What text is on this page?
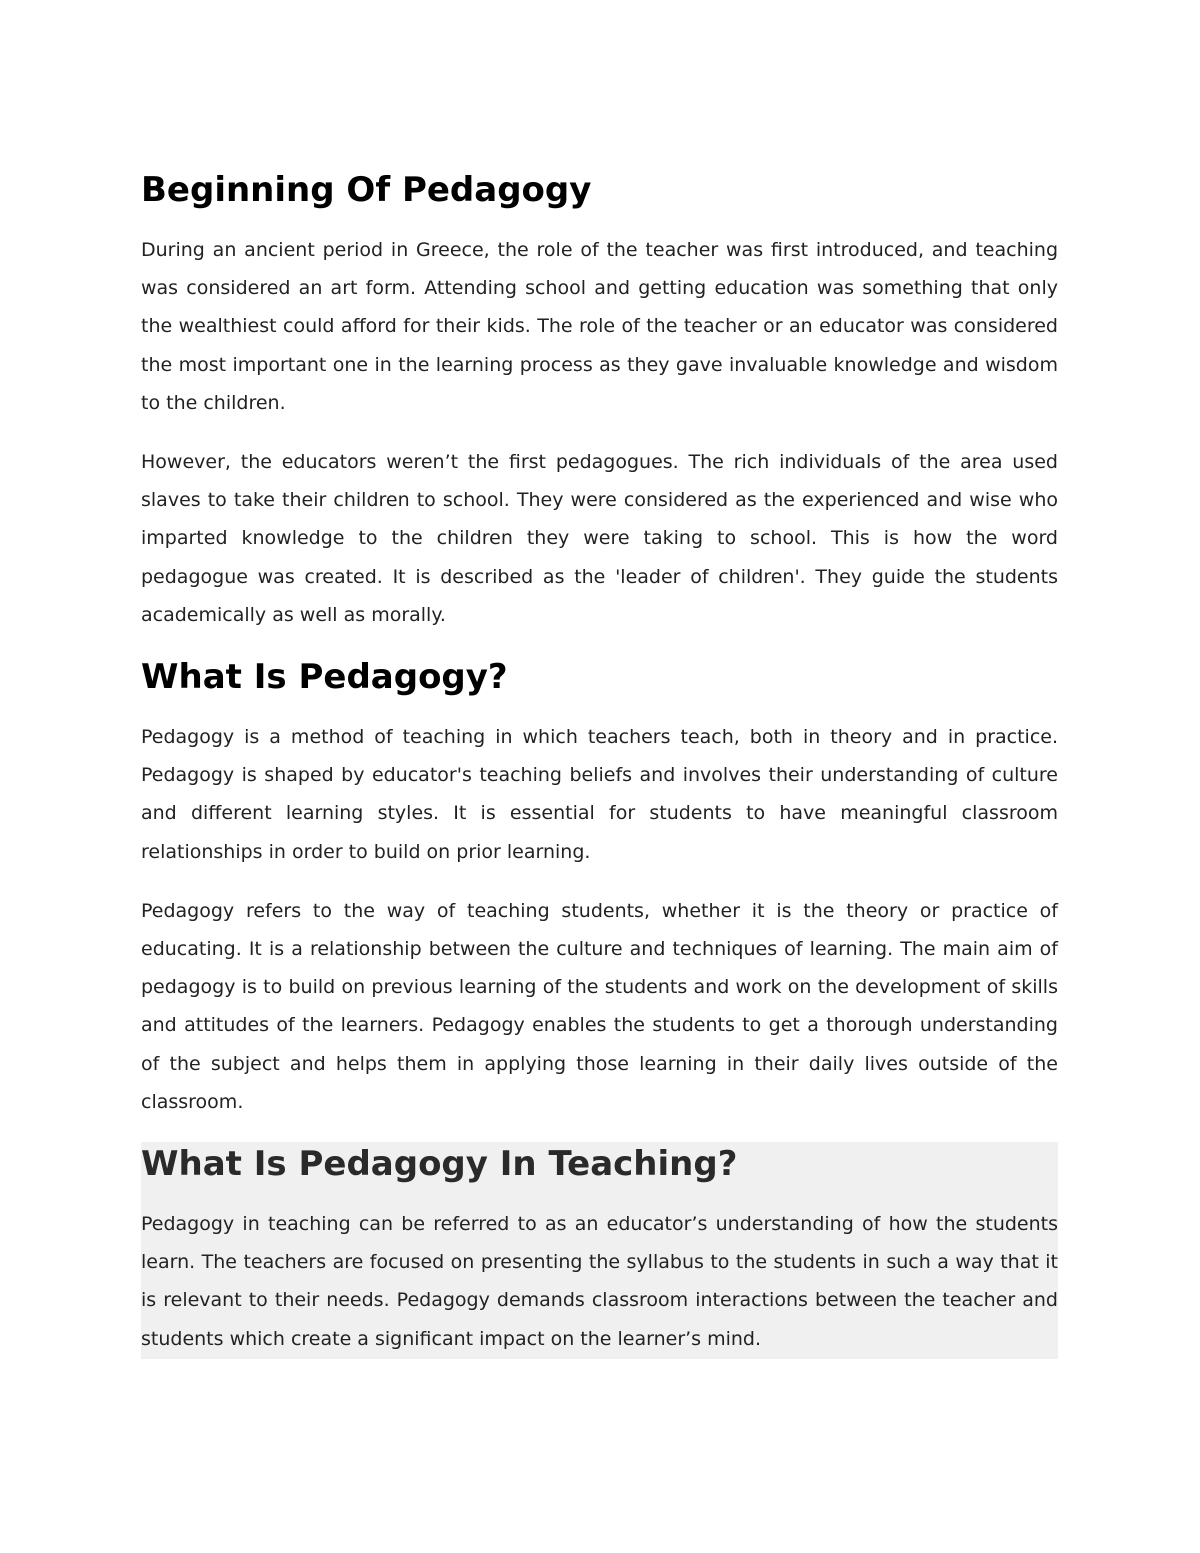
Beginning Of Pedagogy

During an ancient period in Greece, the role of the teacher was first introduced, and teaching was considered an art form. Attending school and getting education was something that only the wealthiest could afford for their kids. The role of the teacher or an educator was considered the most important one in the learning process as they gave invaluable knowledge and wisdom to the children.

However, the educators weren’t the first pedagogues. The rich individuals of the area used slaves to take their children to school. They were considered as the experienced and wise who imparted knowledge to the children they were taking to school. This is how the word pedagogue was created. It is described as the 'leader of children'. They guide the students academically as well as morally.

What Is Pedagogy?

Pedagogy is a method of teaching in which teachers teach, both in theory and in practice. Pedagogy is shaped by educator's teaching beliefs and involves their understanding of culture and different learning styles. It is essential for students to have meaningful classroom relationships in order to build on prior learning.

Pedagogy refers to the way of teaching students, whether it is the theory or practice of educating. It is a relationship between the culture and techniques of learning. The main aim of pedagogy is to build on previous learning of the students and work on the development of skills and attitudes of the learners. Pedagogy enables the students to get a thorough understanding of the subject and helps them in applying those learning in their daily lives outside of the classroom.

What Is Pedagogy In Teaching?

Pedagogy in teaching can be referred to as an educator’s understanding of how the students learn. The teachers are focused on presenting the syllabus to the students in such a way that it is relevant to their needs. Pedagogy demands classroom interactions between the teacher and students which create a significant impact on the learner’s mind.
